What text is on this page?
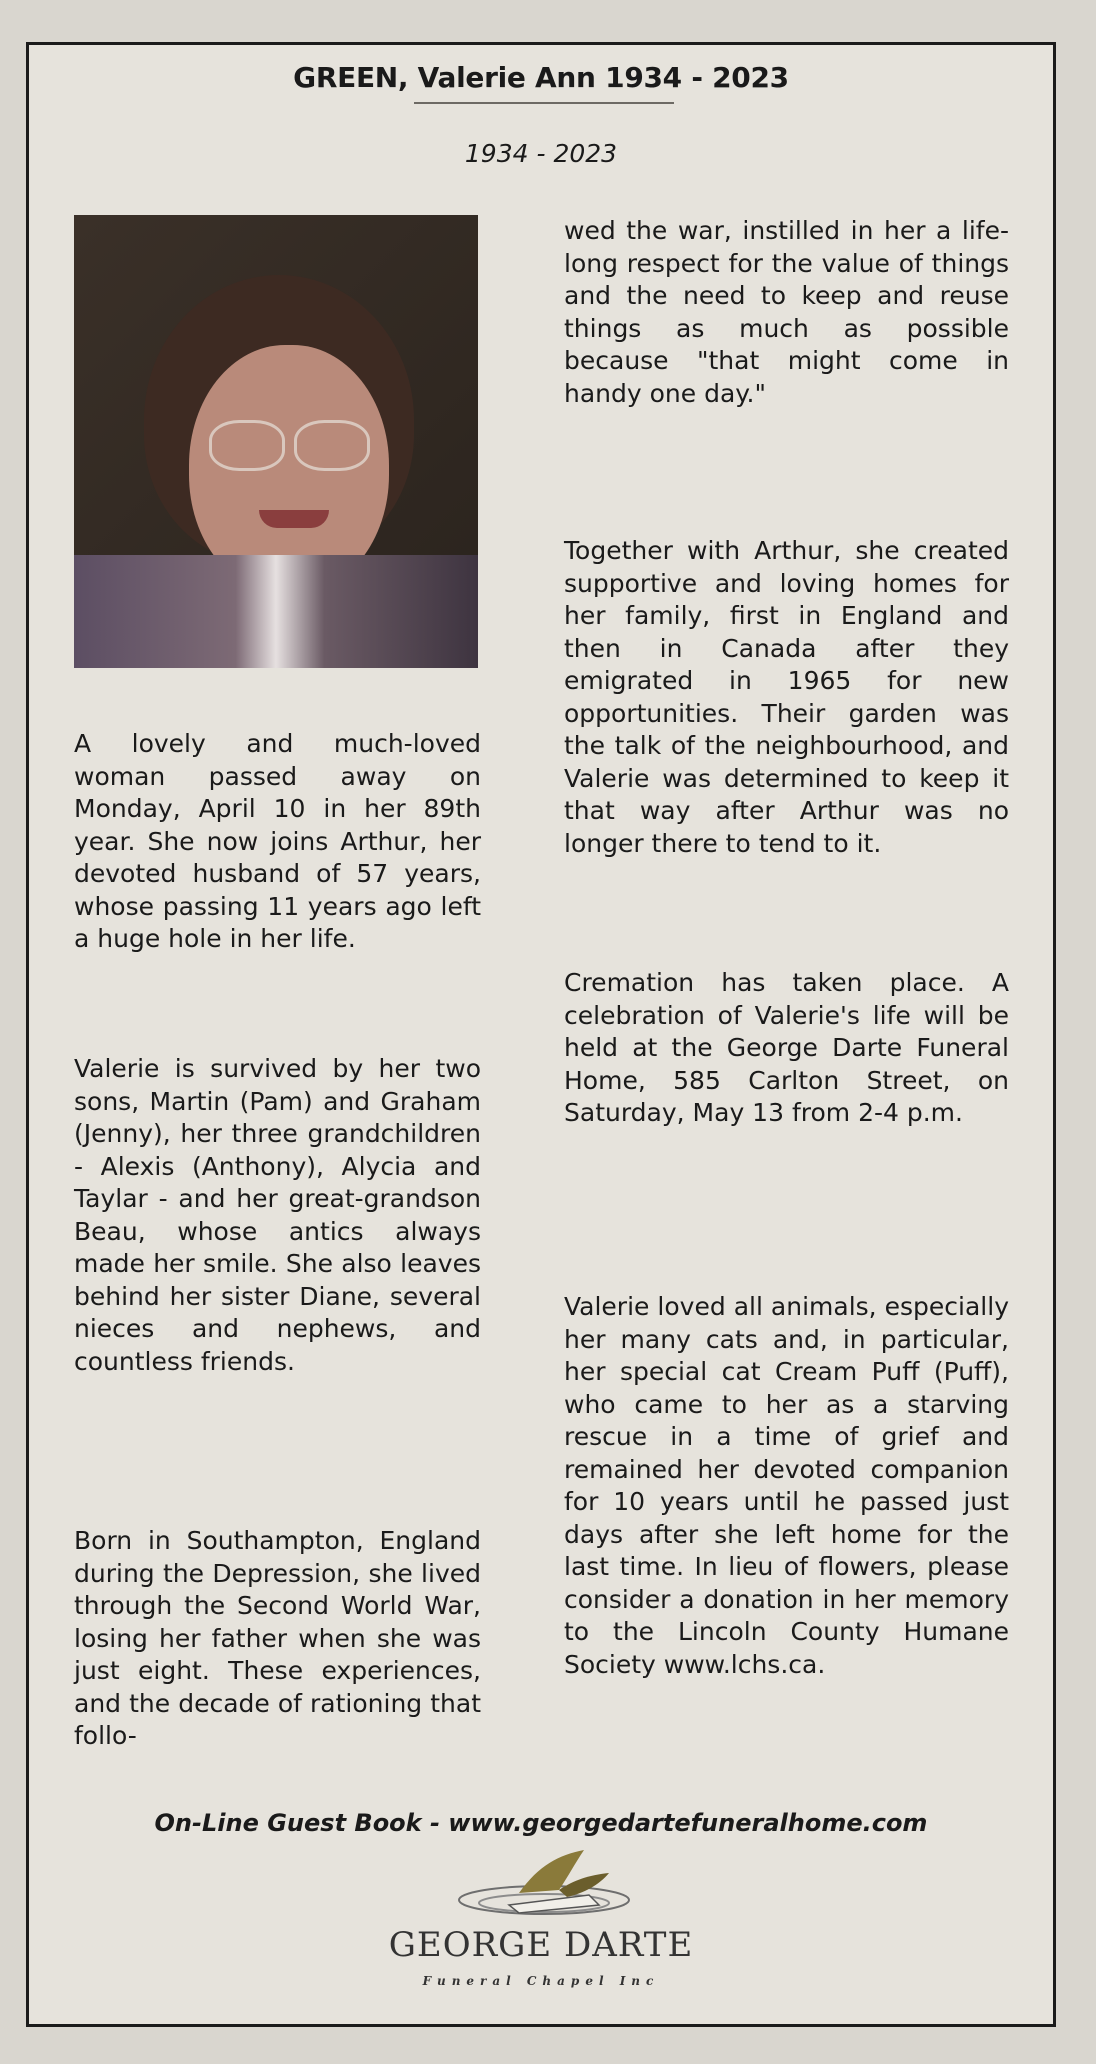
GREEN, Valerie Ann 1934 - 2023
1934 - 2023

A lovely and much-loved woman passed away on Monday, April 10 in her 89th year. She now joins Arthur, her devoted husband of 57 years, whose passing 11 years ago left a huge hole in her life.

Valerie is survived by her two sons, Martin (Pam) and Graham (Jenny), her three grandchildren - Alexis (Anthony), Alycia and Taylar - and her great-grandson Beau, whose antics always made her smile. She also leaves behind her sister Diane, several nieces and nephews, and countless friends.

Born in Southampton, England during the Depression, she lived through the Second World War, losing her father when she was just eight. These experiences, and the decade of rationing that follo-

wed the war, instilled in her a life-long respect for the value of things and the need to keep and reuse things as much as possible because "that might come in handy one day."

Together with Arthur, she created supportive and loving homes for her family, first in England and then in Canada after they emigrated in 1965 for new opportunities. Their garden was the talk of the neighbourhood, and Valerie was determined to keep it that way after Arthur was no longer there to tend to it.

Cremation has taken place. A celebration of Valerie's life will be held at the George Darte Funeral Home, 585 Carlton Street, on Saturday, May 13 from 2-4 p.m.

Valerie loved all animals, especially her many cats and, in particular, her special cat Cream Puff (Puff), who came to her as a starving rescue in a time of grief and remained her devoted companion for 10 years until he passed just days after she left home for the last time. In lieu of flowers, please consider a donation in her memory to the Lincoln County Humane Society www.lchs.ca.

On-Line Guest Book - www.georgedartefuneralhome.com
GEORGE DARTE
Funeral Chapel Inc
